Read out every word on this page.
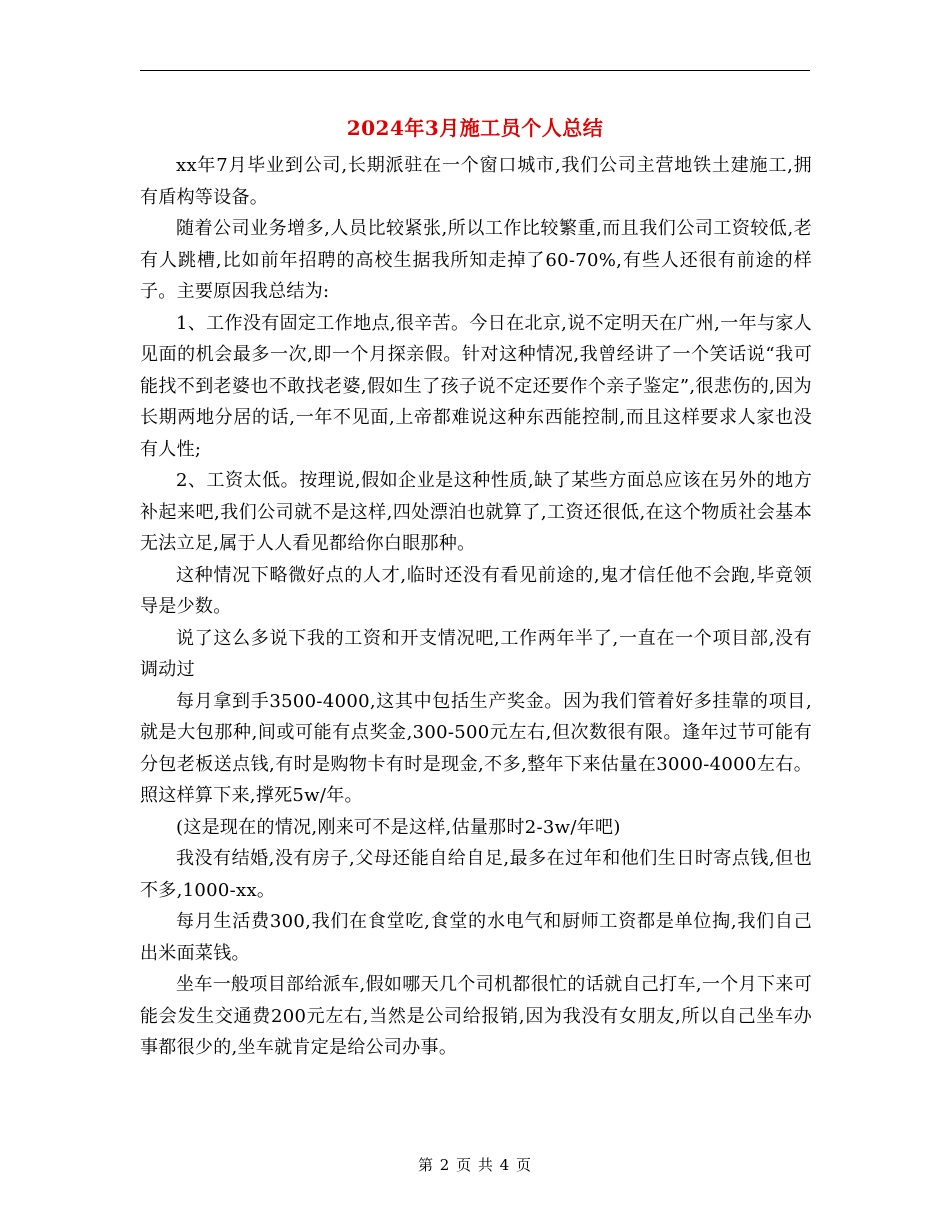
2024年3月施工员个人总结

xx年7月毕业到公司,长期派驻在一个窗口城市,我们公司主营地铁土建施工,拥有盾构等设备。

随着公司业务增多,人员比较紧张,所以工作比较繁重,而且我们公司工资较低,老有人跳槽,比如前年招聘的高校生据我所知走掉了60-70%,有些人还很有前途的样子。主要原因我总结为:

1、工作没有固定工作地点,很辛苦。今日在北京,说不定明天在广州,一年与家人见面的机会最多一次,即一个月探亲假。针对这种情况,我曾经讲了一个笑话说“我可能找不到老婆也不敢找老婆,假如生了孩子说不定还要作个亲子鉴定”,很悲伤的,因为长期两地分居的话,一年不见面,上帝都难说这种东西能控制,而且这样要求人家也没有人性;

2、工资太低。按理说,假如企业是这种性质,缺了某些方面总应该在另外的地方补起来吧,我们公司就不是这样,四处漂泊也就算了,工资还很低,在这个物质社会基本无法立足,属于人人看见都给你白眼那种。

这种情况下略微好点的人才,临时还没有看见前途的,鬼才信任他不会跑,毕竟领导是少数。

说了这么多说下我的工资和开支情况吧,工作两年半了,一直在一个项目部,没有调动过

每月拿到手3500-4000,这其中包括生产奖金。因为我们管着好多挂靠的项目,就是大包那种,间或可能有点奖金,300-500元左右,但次数很有限。逢年过节可能有分包老板送点钱,有时是购物卡有时是现金,不多,整年下来估量在3000-4000左右。照这样算下来,撑死5w/年。

(这是现在的情况,刚来可不是这样,估量那时2-3w/年吧)

我没有结婚,没有房子,父母还能自给自足,最多在过年和他们生日时寄点钱,但也不多,1000-xx。

每月生活费300,我们在食堂吃,食堂的水电气和厨师工资都是单位掏,我们自己出米面菜钱。

坐车一般项目部给派车,假如哪天几个司机都很忙的话就自己打车,一个月下来可能会发生交通费200元左右,当然是公司给报销,因为我没有女朋友,所以自己坐车办事都很少的,坐车就肯定是给公司办事。

第 2 页 共 4 页
